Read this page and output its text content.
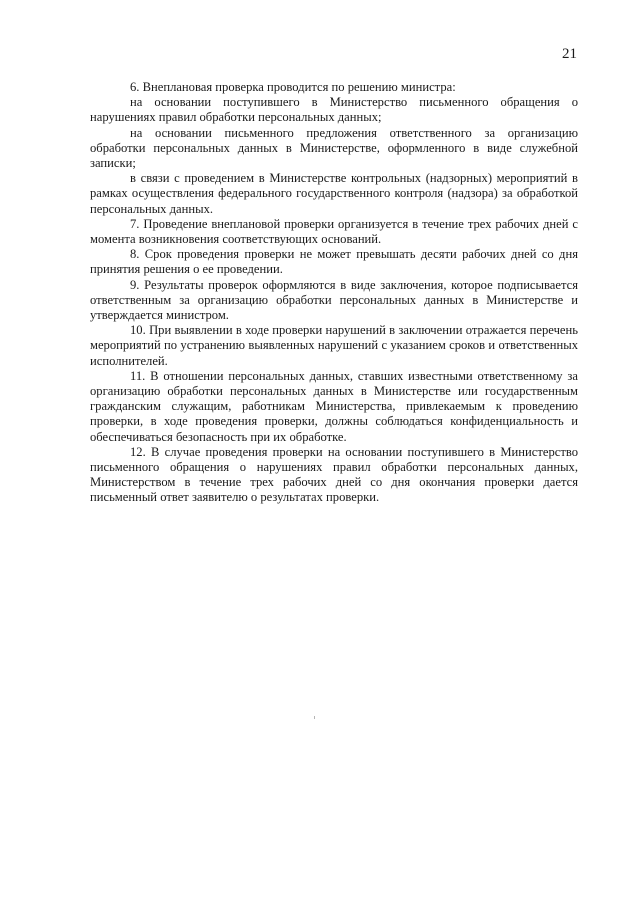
21

6. Внеплановая проверка проводится по решению министра:

на основании поступившего в Министерство письменного обращения о нарушениях правил обработки персональных данных;

на основании письменного предложения ответственного за организацию обработки персональных данных в Министерстве, оформленного в виде служебной записки;

в связи с проведением в Министерстве контрольных (надзорных) мероприятий в рамках осуществления федерального государственного контроля (надзора) за обработкой персональных данных.

7. Проведение внеплановой проверки организуется в течение трех рабочих дней с момента возникновения соответствующих оснований.

8. Срок проведения проверки не может превышать десяти рабочих дней со дня принятия решения о ее проведении.

9. Результаты проверок оформляются в виде заключения, которое подписывается ответственным за организацию обработки персональных данных в Министерстве и утверждается министром.

10. При выявлении в ходе проверки нарушений в заключении отражается перечень мероприятий по устранению выявленных нарушений с указанием сроков и ответственных исполнителей.

11. В отношении персональных данных, ставших известными ответственному за организацию обработки персональных данных в Министерстве или государственным гражданским служащим, работникам Министерства, привлекаемым к проведению проверки, в ходе проведения проверки, должны соблюдаться конфиденциальность и обеспечиваться безопасность при их обработке.

12. В случае проведения проверки на основании поступившего в Министерство письменного обращения о нарушениях правил обработки персональных данных, Министерством в течение трех рабочих дней со дня окончания проверки дается письменный ответ заявителю о результатах проверки.
